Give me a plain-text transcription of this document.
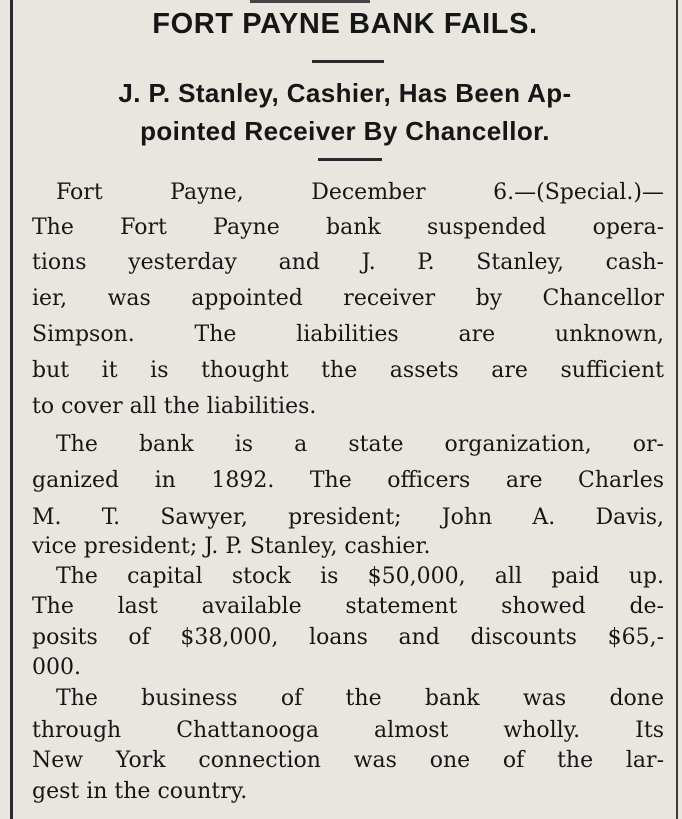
FORT PAYNE BANK FAILS.
J. P. Stanley, Cashier, Has Been Ap-
pointed Receiver By Chancellor.
Fort Payne, December 6.—(Special.)—
The Fort Payne bank suspended opera-
tions yesterday and J. P. Stanley, cash-
ier, was appointed receiver by Chancellor
Simpson. The liabilities are unknown,
but it is thought the assets are sufficient
to cover all the liabilities.
The bank is a state organization, or-
ganized in 1892. The officers are Charles
M. T. Sawyer, president; John A. Davis,
vice president; J. P. Stanley, cashier.
The capital stock is $50,000, all paid up.
The last available statement showed de-
posits of $38,000, loans and discounts $65,-
000.
The business of the bank was done
through Chattanooga almost wholly. Its
New York connection was one of the lar-
gest in the country.
